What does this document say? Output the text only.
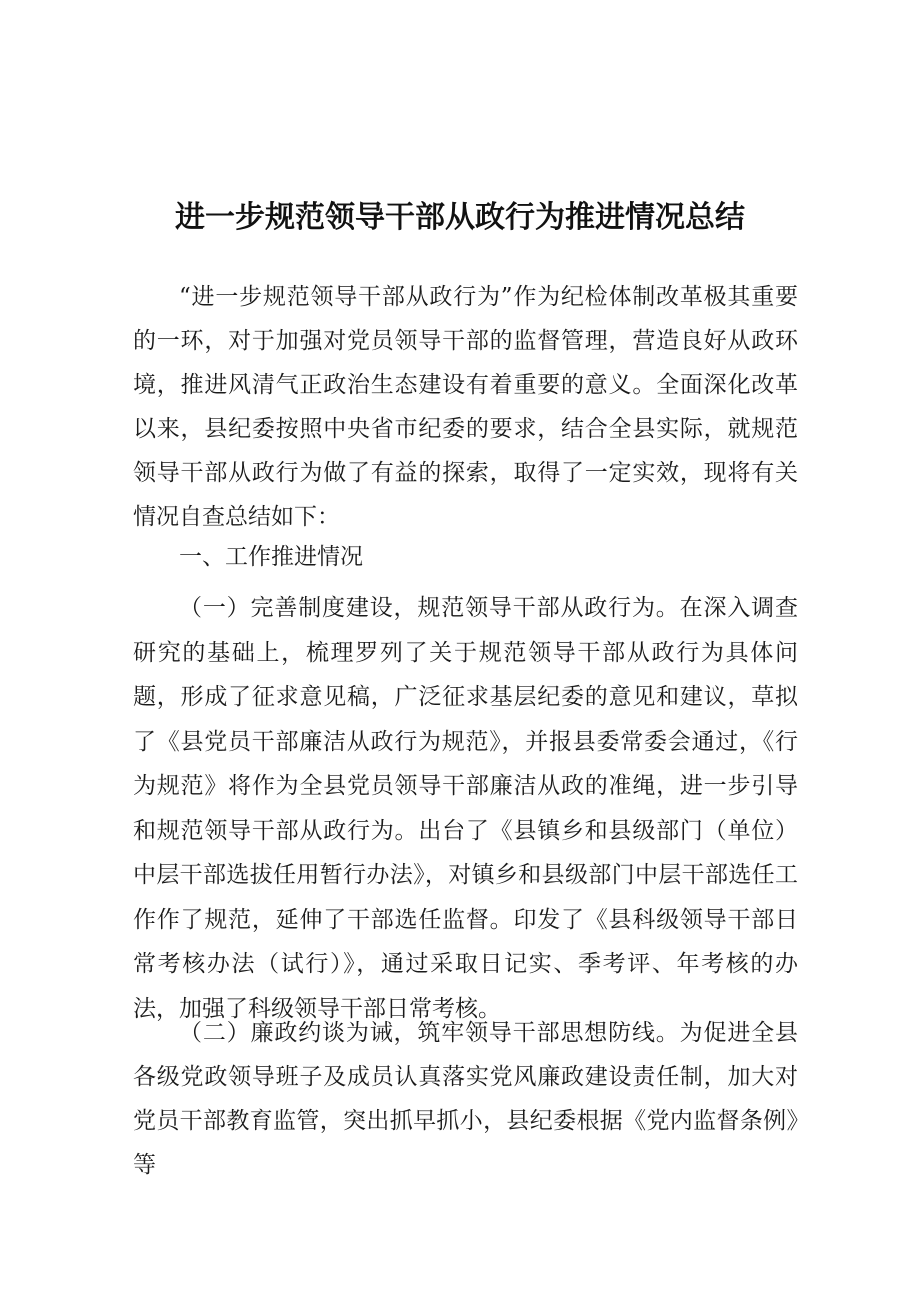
进一步规范领导干部从政行为推进情况总结

“进一步规范领导干部从政行为”作为纪检体制改革极其重要的一环，对于加强对党员领导干部的监督管理，营造良好从政环境，推进风清气正政治生态建设有着重要的意义。全面深化改革以来，县纪委按照中央省市纪委的要求，结合全县实际，就规范领导干部从政行为做了有益的探索，取得了一定实效，现将有关情况自查总结如下：

一、工作推进情况

（一）完善制度建设，规范领导干部从政行为。在深入调查研究的基础上，梳理罗列了关于规范领导干部从政行为具体问题，形成了征求意见稿，广泛征求基层纪委的意见和建议，草拟了《县党员干部廉洁从政行为规范》，并报县委常委会通过，《行为规范》将作为全县党员领导干部廉洁从政的准绳，进一步引导和规范领导干部从政行为。出台了《县镇乡和县级部门（单位）中层干部选拔任用暂行办法》，对镇乡和县级部门中层干部选任工作作了规范，延伸了干部选任监督。印发了《县科级领导干部日常考核办法（试行）》，通过采取日记实、季考评、年考核的办法，加强了科级领导干部日常考核。

（二）廉政约谈为诫，筑牢领导干部思想防线。为促进全县各级党政领导班子及成员认真落实党风廉政建设责任制，加大对党员干部教育监管，突出抓早抓小，县纪委根据《党内监督条例》等
